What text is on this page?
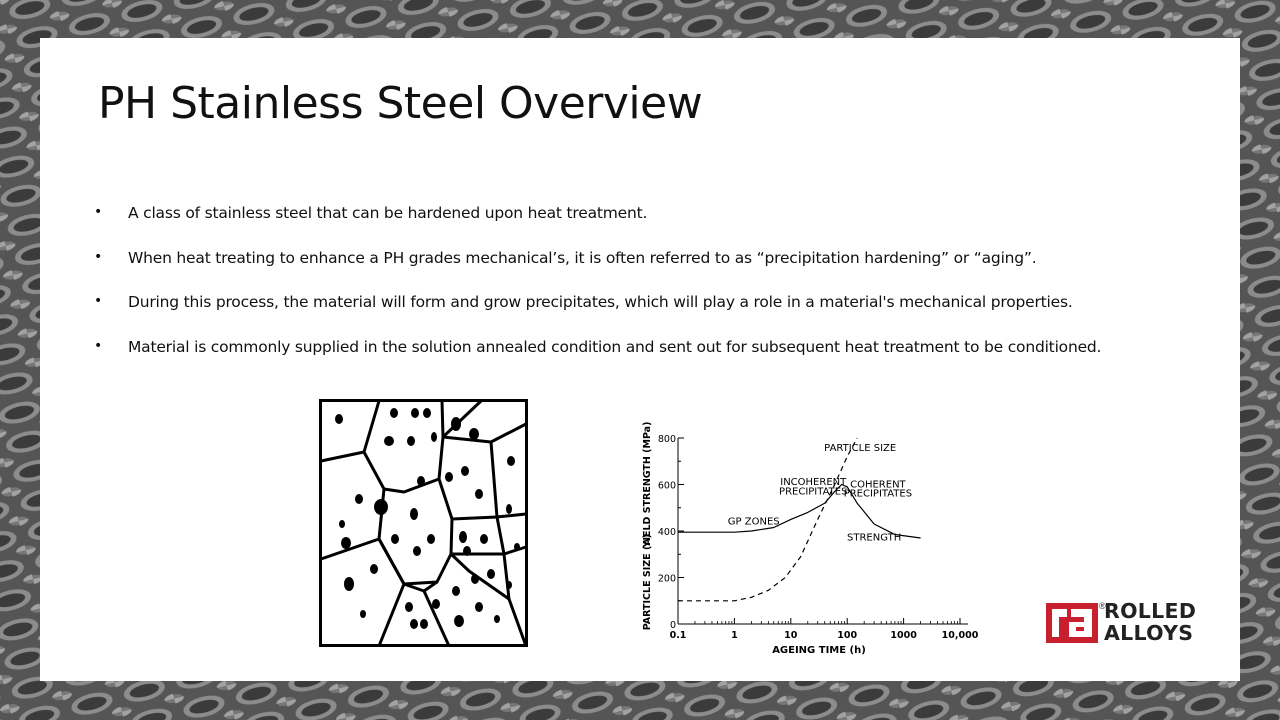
PH Stainless Steel Overview
• A class of stainless steel that can be hardened upon heat treatment.
• When heat treating to enhance a PH grades mechanical’s, it is often referred to as “precipitation hardening” or “aging”.
• During this process, the material will form and grow precipitates, which will play a role in a material's mechanical properties.
• Material is commonly supplied in the solution annealed condition and sent out for subsequent heat treatment to be conditioned.
0
200
400
600
800
0.1	1	10	100	1000	10,000
AGEING TIME (h)
YIELD STRENGTH (MPa)
PARTICLE SIZE (A)
PARTICLE SIZE
INCOHERENT
PRECIPITATES
COHERENT
PRECIPITATES
GP ZONES
STRENGTH
®
ROLLED
ALLOYS
